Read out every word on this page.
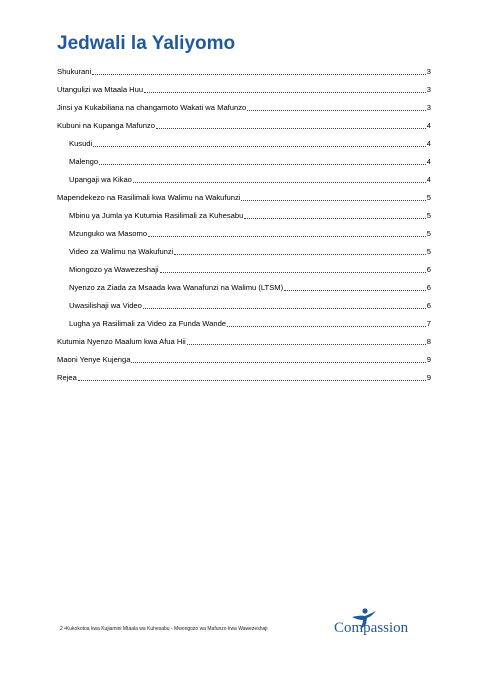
Jedwali la Yaliyomo
Shukurani	3
Utangulizi wa Mtaala Huu	3
Jinsi ya Kukabiliana na changamoto Wakati wa Mafunzo	3
Kubuni na Kupanga Mafunzo	4
Kusudi	4
Malengo	4
Upangaji wa Kikao	4
Mapendekezo na Rasilimali kwa Walimu na Wakufunzi	5
Mbinu ya Jumla ya Kutumia Rasilimali za Kuhesabu	5
Mzunguko wa Masomo	5
Video za Walimu na Wakufunzi	5
Miongozo ya Wawezeshaji	6
Nyenzo za Ziada za Msaada kwa Wanafunzi na Walimu (LTSM)	6
Uwasilishaji wa Video	6
Lugha ya Rasilimali za Video za Funda Wande	7
Kutumia Nyenzo Maalum kwa Afua Hii	8
Maoni Yenye Kujenga	9
Rejea	9
2 •Kukokotoa kwa Kujiamini Mtaala wa Kuhesabu - Mwongozo wa Mafunzo kwa Wawezeshaji	Compassion
